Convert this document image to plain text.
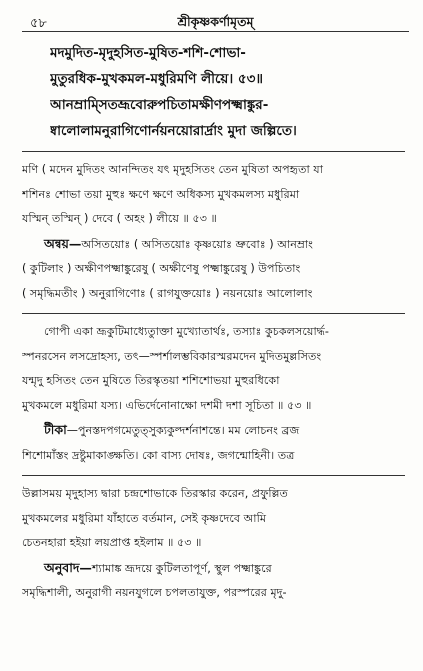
৫৮	শ্রীকৃষ্ণকর্ণামৃতম্
মদমুদিত-মৃদুহসিত-মুষিত-শশি-শোভা-
মুতুরধিক-মুখকমল-মধুরিমণি লীয়ে। ৫৩॥
আনম্রাম্সিতভ্রূবোরুপচিতামক্ষীণপক্ষ্মাঙ্কুর-
ষ্বালোলামনুরাগিণোর্নয়নয়োরার্দ্রাং মুদা জল্পিতে।
মণি ( মদেন মুদিতং আনন্দিতং যৎ মৃদুহসিতং তেন মুষিতা অপহৃতা যা
শশিনঃ শোভা তয়া মুহুঃ ক্ষণে ক্ষণে অধিকস্য মুখকমলস্য মধুরিমা
যস্মিন্ তস্মিন্ ) দেবে ( অহং ) লীয়ে ॥ ৫৩ ॥
অন্বয়—অসিতয়োঃ ( অসিতয়োঃ কৃষ্ণয়োঃ ভ্রুবোঃ ) আনম্রাং
( কুটিলাং ) অক্ষীণপক্ষ্মাঙ্কুরেষু ( অক্ষীণেষু পক্ষ্মাঙ্কুরেষু ) উপচিতাং
( সমৃদ্ধিমতীং ) অনুরাগিণোঃ ( রাগযুক্তয়োঃ ) নয়নয়োঃ আলোলাং
গোপী একা ভ্রূকুটিমাধ্যেতুাক্তা মুখ্যোতার্থঃ, তস্যাঃ কুচকলসয়োর্দ্ধ-
স্পনরসেন লসদ্রোহস্য, তৎ—স্পর্শালম্ভবিকারস্মরমদেন মুদিতমুল্লসিতং
যন্মৃদু হসিতং তেন মুষিতে তিরস্কৃতয়া শশিশোভয়া মুহুরধিকো
মুখকমলে মধুরিমা যস্য। এভির্দেনোনাক্ষো দশমী দশা সূচিতা ॥ ৫৩ ॥
টীকা—পুনস্তদপগমেতুত্সুক্যকুল্দর্শনাশন্তে। মম লোচনং ব্রজ
শিশোমাঁস্তং দ্রষ্টুমাকাঙ্ক্ষতি। কো বাস্য দোষঃ, জগন্মোহিনী। তত্র
উল্লাসময় মৃদুহাস্য দ্বারা চন্দ্রশোভাকে তিরস্কার করেন, প্রফুল্লিত
মুখকমলের মধুরিমা যাঁহাতে বর্তমান, সেই কৃষ্ণদেবে আমি
চেতনহারা হইয়া লয়প্রাপ্ত হইলাম ॥ ৫৩ ॥
অনুবাদ—শ্যামাঙ্ক ভ্রূদয়ে কুটিলতাপূর্ণ, স্থুল পক্ষ্মাঙ্কুরে
সমৃদ্ধিশালী, অনুরাগী নয়নযুগলে চপলতাযুক্ত, পরস্পরের মৃদু-
